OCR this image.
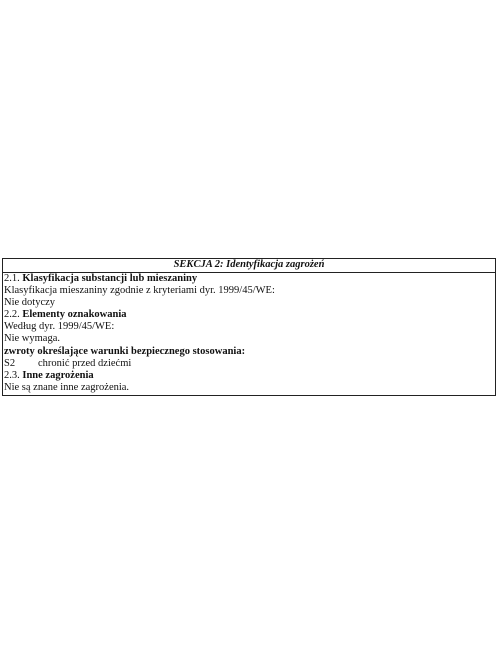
SEKCJA 2: Identyfikacja zagrożeń
2.1. Klasyfikacja substancji lub mieszaniny
Klasyfikacja mieszaniny zgodnie z kryteriami dyr. 1999/45/WE:
Nie dotyczy
2.2. Elementy oznakowania
Według dyr. 1999/45/WE:
Nie wymaga.
zwroty określające warunki bezpiecznego stosowania:
S2 chronić przed dziećmi
2.3. Inne zagrożenia
Nie są znane inne zagrożenia.
